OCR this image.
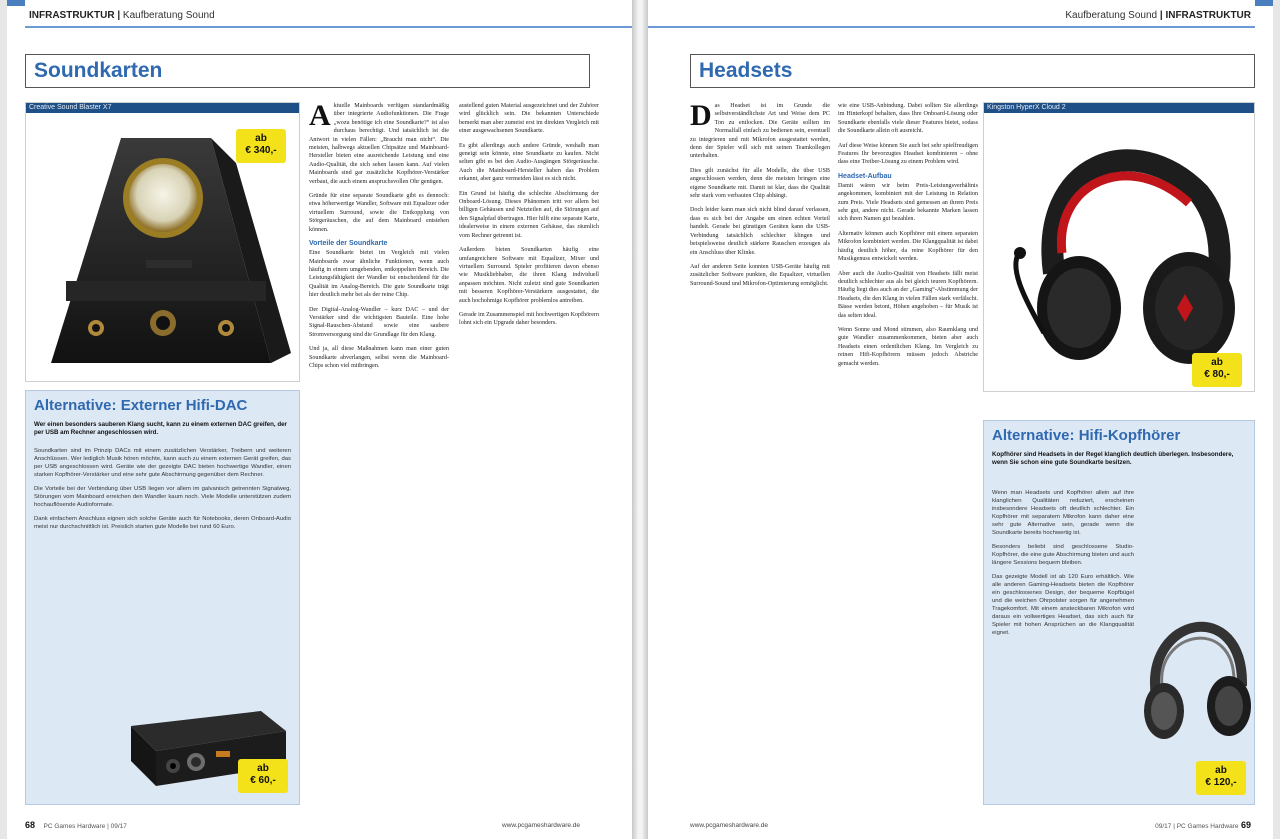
INFRASTRUKTUR | Kaufberatung Sound
Soundkarten
Creative Sound Blaster X7
ab
€ 340,-

Aktuelle Mainboards verfügen standardmäßig über integrierte Audiofunktionen. Die Frage „wozu benötige ich eine Soundkarte?“ ist also durchaus berechtigt. Und tatsächlich ist die Antwort in vielen Fällen: „Braucht man nicht“. Die meisten, halbwegs aktuellen Chipsätze und Mainboard-Hersteller bieten eine ausreichende Leistung und eine Audio-Qualität, die sich sehen lassen kann. Auf vielen Mainboards sind gar zusätzliche Kopfhörer-Verstärker verbaut, die auch einem anspruchsvollen Ohr genügen.

Gründe für eine separate Soundkarte gibt es dennoch: etwa höherwertige Wandler, Software mit Equalizer oder virtuellem Surround, sowie die Entkopplung von Störgeräuschen, die auf dem Mainboard entstehen können.

Vorteile der Soundkarte

Eine Soundkarte bietet im Vergleich mit vielen Mainboards zwar ähnliche Funktionen, wenn auch häufig in einem umgebenden, entkoppelten Bereich. Die Leistungsfähigkeit der Wandler ist entscheidend für die Qualität im Analog-Bereich. Die gute Soundkarte trägt hier deutlich mehr bei als der reine Chip.

Der Digital-Analog-Wandler – kurz DAC – und der Verstärker sind die wichtigsten Bauteile. Eine hohe Signal-Rauschen-Abstand sowie eine saubere Stromversorgung sind die Grundlage für den Klang.

Und ja, all diese Maßnahmen kann man einer guten Soundkarte abverlangen, selbst wenn die Mainboard-Chips schon viel mitbringen.

austellend guten Material ausgezeichnet und der Zuhörer wird glücklich sein. Die bekannten Unterschiede bemerkt man aber zumeist erst im direkten Vergleich mit einer ausgewachsenen Soundkarte.

Es gibt allerdings auch andere Gründe, weshalb man geneigt sein könnte, eine Soundkarte zu kaufen. Nicht selten gibt es bei den Audio-Ausgängen Störgeräusche. Auch die Mainboard-Hersteller haben das Problem erkannt, aber ganz vermeiden lässt es sich nicht.

Ein Grund ist häufig die schlechte Abschirmung der Onboard-Lösung. Dieses Phänomen tritt vor allem bei billigen Gehäusen und Netzteilen auf, die Störungen auf den Signalpfad übertragen. Hier hilft eine separate Karte, idealerweise in einem externen Gehäuse, das räumlich vom Rechner getrennt ist.

Außerdem bieten Soundkarten häufig eine umfangreichere Software mit Equalizer, Mixer und virtuellem Surround. Spieler profitieren davon ebenso wie Musikliebhaber, die ihren Klang individuell anpassen möchten. Nicht zuletzt sind gute Soundkarten mit besseren Kopfhörer-Verstärkern ausgestattet, die auch hochohmige Kopfhörer problemlos antreiben.

Gerade im Zusammenspiel mit hochwertigen Kopfhörern lohnt sich ein Upgrade daher besonders.

Alternative: Externer Hifi-DAC
Wer einen besonders sauberen Klang sucht, kann zu einem externen DAC greifen, der per USB am Rechner angeschlossen wird.

Soundkarten sind im Prinzip DACs mit einem zusätzlichen Verstärker, Treibern und weiteren Anschlüssen. Wer lediglich Musik hören möchte, kann auch zu einem externen Gerät greifen, das per USB angeschlossen wird. Geräte wie der gezeigte DAC bieten hochwertige Wandler, einen starken Kopfhörer-Verstärker und eine sehr gute Abschirmung gegenüber dem Rechner.

Die Vorteile bei der Verbindung über USB liegen vor allem im galvanisch getrennten Signalweg. Störungen vom Mainboard erreichen den Wandler kaum noch. Viele Modelle unterstützen zudem hochauflösende Audioformate.

Dank einfachem Anschluss eignen sich solche Geräte auch für Notebooks, deren Onboard-Audio meist nur durchschnittlich ist. Preislich starten gute Modelle bei rund 60 Euro.

ab
€ 60,-
68 PC Games Hardware | 09/17	www.pcgameshardware.de
Kaufberatung Sound | INFRASTRUKTUR
Headsets

Das Headset ist im Grunde die selbstverständlichste Art und Weise dem PC Ton zu entlocken. Die Geräte sollten im Normalfall einfach zu bedienen sein, eventuell zu integrieren und mit Mikrofon ausgestattet werden, denn der Spieler will sich mit seinen Teamkollegen unterhalten.

Dies gilt zunächst für alle Modelle, die über USB angeschlossen werden, denn die meisten bringen eine eigene Soundkarte mit. Damit ist klar, dass die Qualität sehr stark vom verbauten Chip abhängt.

Doch leider kann man sich nicht blind darauf verlassen, dass es sich bei der Angabe um einen echten Vorteil handelt. Gerade bei günstigen Geräten kann die USB-Verbindung tatsächlich schlechter klingen und beispielsweise deutlich stärkere Rauschen erzeugen als ein Anschluss über Klinke.

Auf der anderen Seite konnten USB-Geräte häufig mit zusätzlicher Software punkten, die Equalizer, virtuellen Surround-Sound und Mikrofon-Optimierung ermöglicht.

wie eine USB-Anbindung. Dabei sollten Sie allerdings im Hinterkopf behalten, dass Ihre Onboard-Lösung oder Soundkarte ebenfalls viele dieser Features bietet, sodass die Soundkarte allein oft ausreicht.

Auf diese Weise können Sie auch bei sehr spielfreudigen Features Ihr bevorzugtes Headset kombinieren – ohne dass eine Treiber-Lösung zu einem Problem wird.

Headset-Aufbau

Damit wären wir beim Preis-Leistungsverhältnis angekommen, kombiniert mit der Leistung in Relation zum Preis. Viele Headsets sind gemessen an ihrem Preis sehr gut, andere nicht. Gerade bekannte Marken lassen sich ihren Namen gut bezahlen.

Alternativ können auch Kopfhörer mit einem separaten Mikrofon kombiniert werden. Die Klangqualität ist dabei häufig deutlich höher, da reine Kopfhörer für den Musikgenuss entwickelt werden.

Aber auch die Audio-Qualität von Headsets fällt meist deutlich schlechter aus als bei gleich teuren Kopfhörern. Häufig liegt dies auch an der „Gaming“-Abstimmung der Headsets, die den Klang in vielen Fällen stark verfälscht. Bässe werden betont, Höhen angehoben – für Musik ist das selten ideal.

Wenn Sonne und Mond stimmen, also Raumklang und gute Wandler zusammenkommen, bieten aber auch Headsets einen ordentlichen Klang. Im Vergleich zu reinen Hifi-Kopfhörern müssen jedoch Abstriche gemacht werden.

Kingston HyperX Cloud 2
ab
€ 80,-
Alternative: Hifi-Kopfhörer
Kopfhörer sind Headsets in der Regel klanglich deutlich überlegen. Insbesondere, wenn Sie schon eine gute Soundkarte besitzen.

Wenn man Headsets und Kopfhörer allein auf ihre klanglichen Qualitäten reduziert, erscheinen insbesondere Headsets oft deutlich schlechter. Ein Kopfhörer mit separatem Mikrofon kann daher eine sehr gute Alternative sein, gerade wenn die Soundkarte bereits hochwertig ist.

Besonders beliebt sind geschlossene Studio-Kopfhörer, die eine gute Abschirmung bieten und auch längere Sessions bequem bleiben.

Das gezeigte Modell ist ab 120 Euro erhältlich. Wie alle anderen Gaming-Headsets bieten die Kopfhörer ein geschlossenes Design, der bequeme Kopfbügel und die weichen Ohrpolster sorgen für angenehmen Tragekomfort. Mit einem ansteckbaren Mikrofon wird daraus ein vollwertiges Headset, das sich auch für Spieler mit hohen Ansprüchen an die Klangqualität eignet.

ab
€ 120,-
www.pcgameshardware.de	09/17 | PC Games Hardware 69
